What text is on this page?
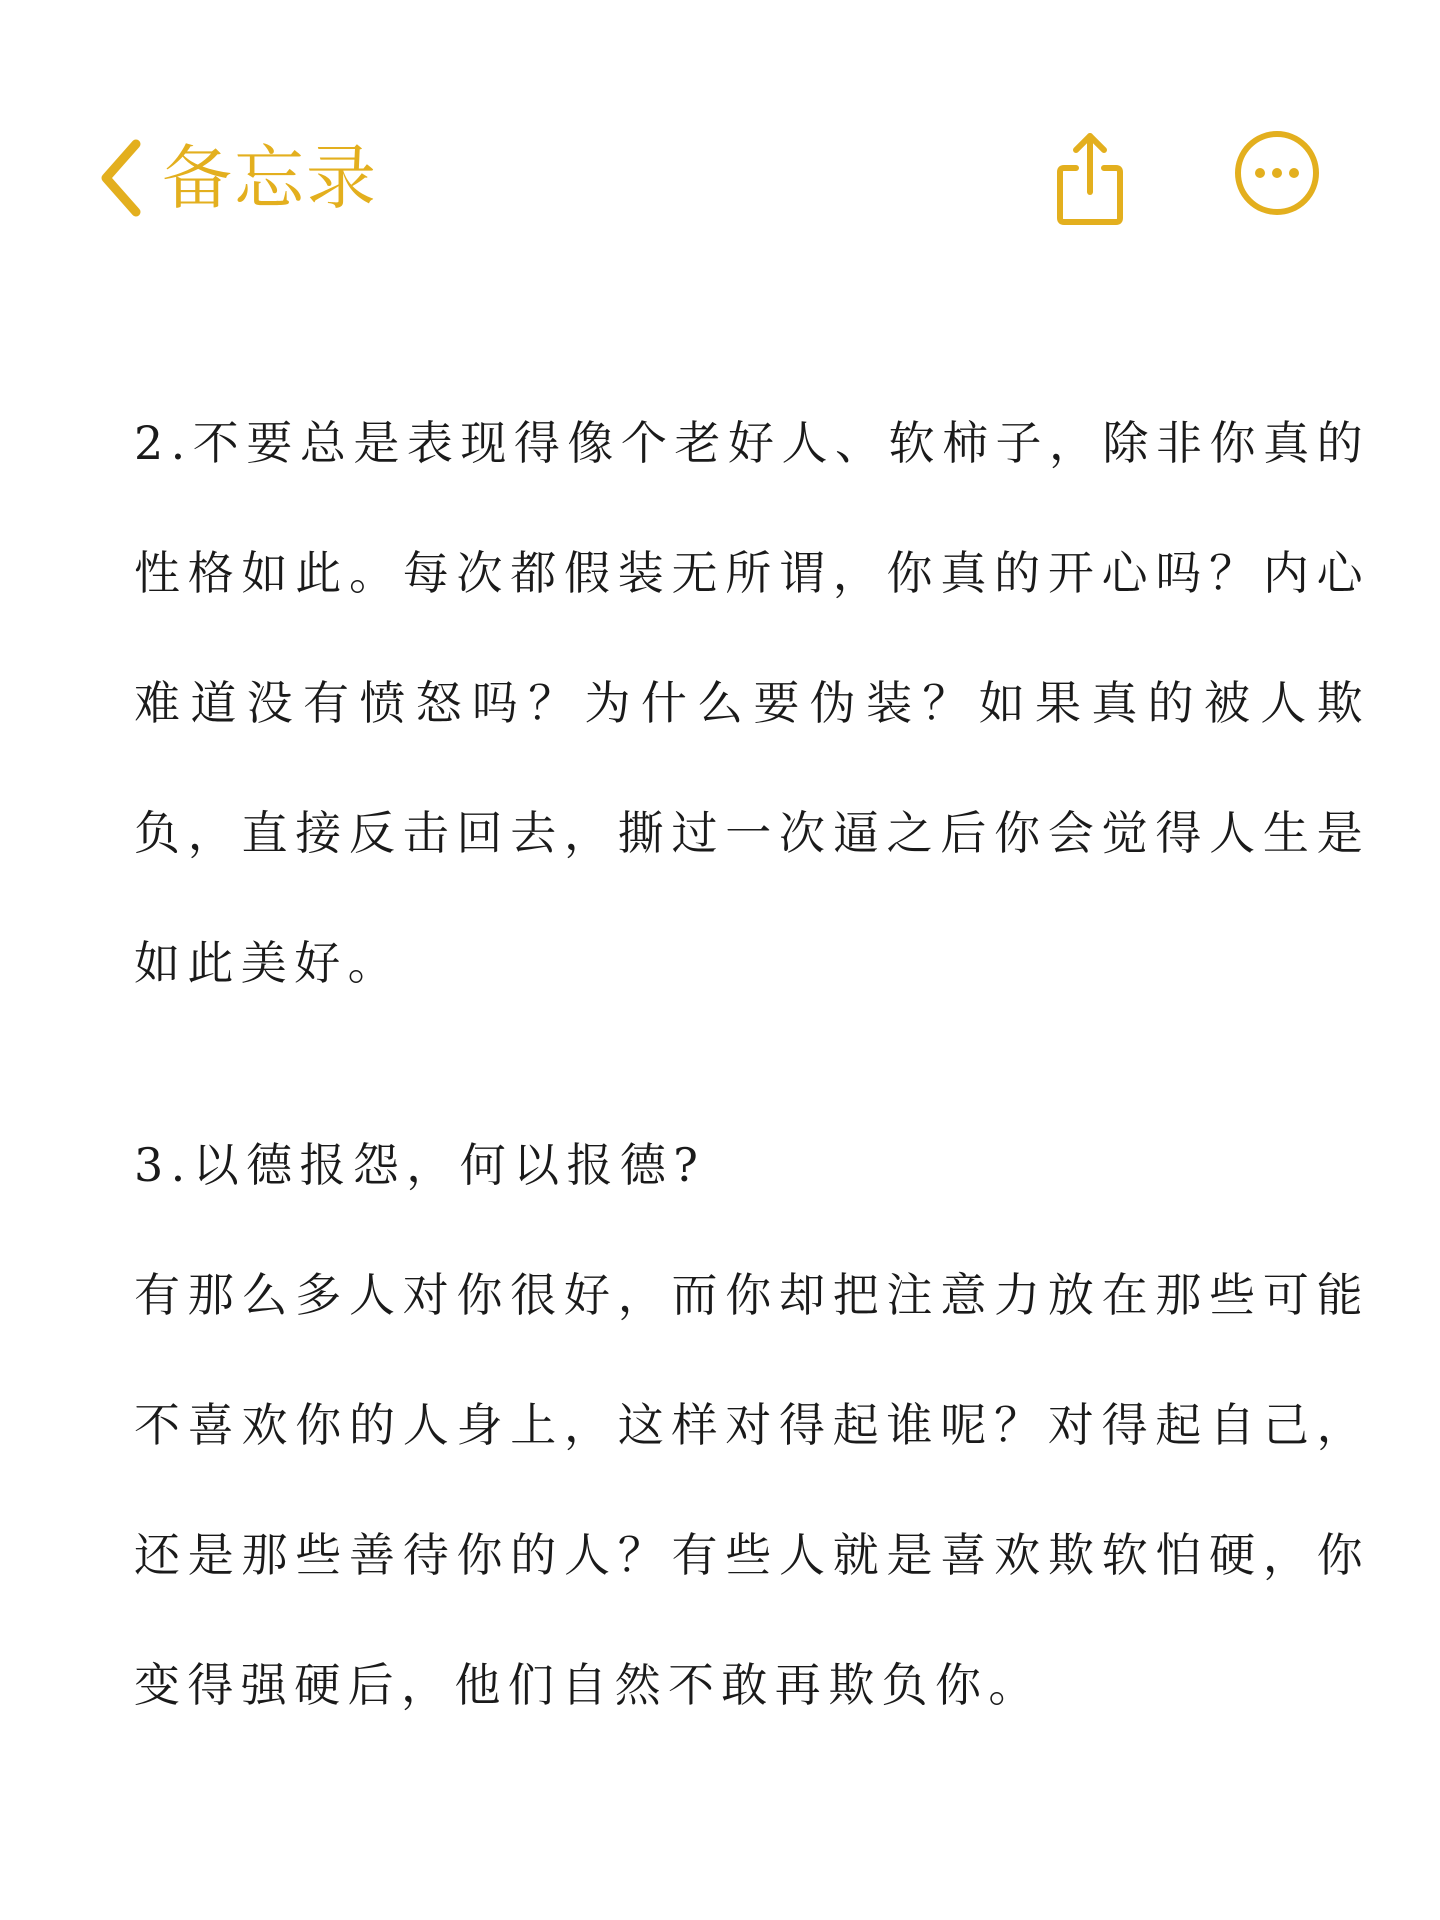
备忘录

2.不要总是表现得像个老好人、软柿子，除非你真的性格如此。每次都假装无所谓，你真的开心吗？内心难道没有愤怒吗？为什么要伪装？如果真的被人欺负，直接反击回去，撕过一次逼之后你会觉得人生是如此美好。

3.以德报怨，何以报德?

有那么多人对你很好，而你却把注意力放在那些可能不喜欢你的人身上，这样对得起谁呢？对得起自己，还是那些善待你的人？有些人就是喜欢欺软怕硬，你变得强硬后，他们自然不敢再欺负你。
